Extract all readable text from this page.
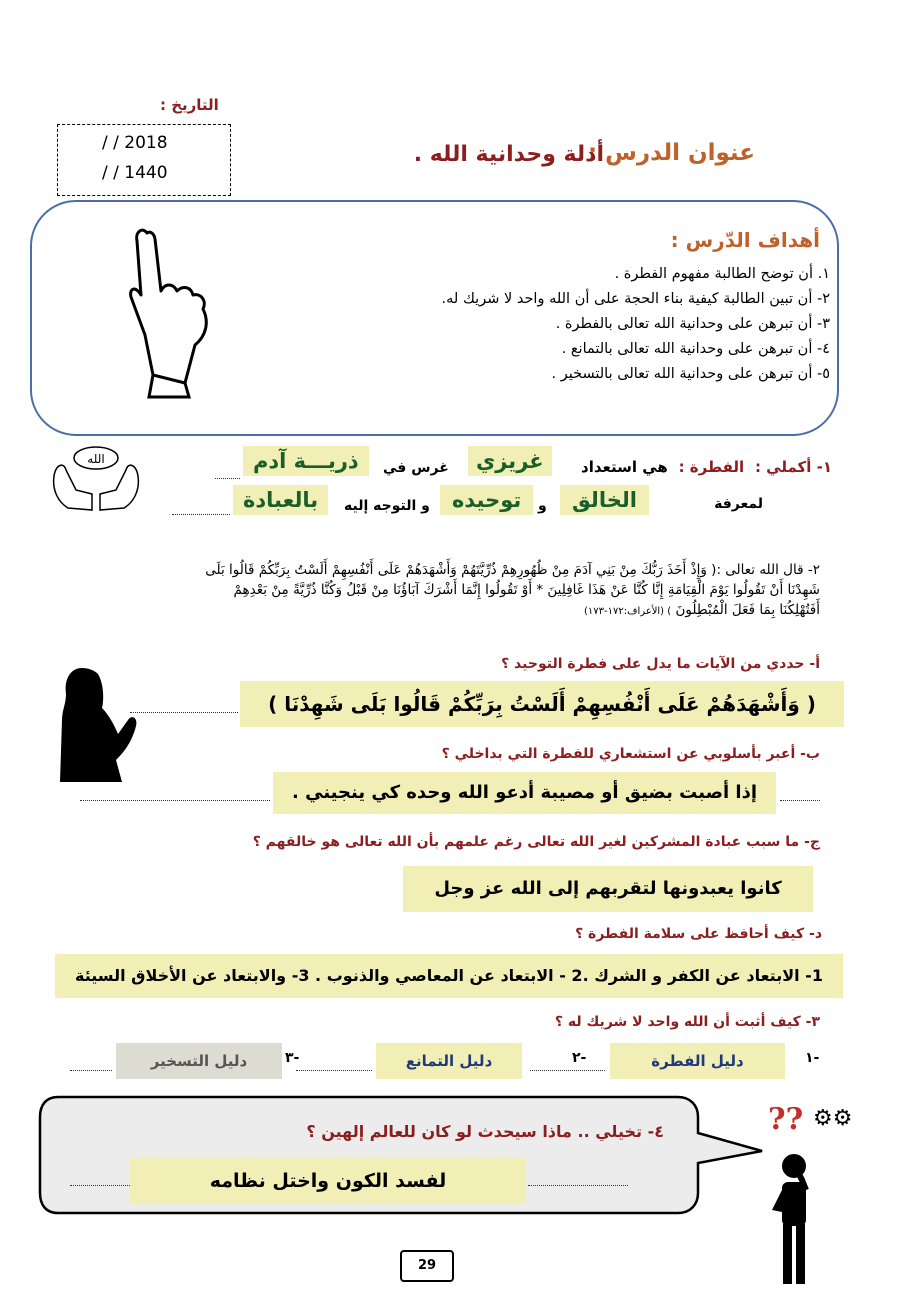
التاريخ :
/ / 2018
/ / 1440
عنوان الدرس :
أدلة وحدانية الله .
أهداف الدّرس :
١. أن توضح الطالبة مفهوم الفطرة .
٢- أن تبين الطالبة كيفية بناء الحجة على أن الله واحد لا شريك له.
٣- أن تبرهن على وحدانية الله تعالى بالفطرة .
٤- أن تبرهن على وحدانية الله تعالى بالتمانع .
٥- أن تبرهن على وحدانية الله تعالى بالتسخير .
الله	١- أكملي : الفطرة : هي استعداد
غريزي
غرس في
ذريـــة آدم
لمعرفة
الخالق
و
توحيده
و التوجه إليه
بالعبادة
٢- قال الله تعالى :( وَإِذْ أَخَذَ رَبُّكَ مِنْ بَنِي آدَمَ مِنْ ظُهُورِهِمْ ذُرِّيَّتَهُمْ وَأَشْهَدَهُمْ عَلَى أَنْفُسِهِمْ أَلَسْتُ بِرَبِّكُمْ قَالُوا بَلَى
شَهِدْنَا أَنْ تَقُولُوا يَوْمَ الْقِيَامَةِ إِنَّا كُنَّا عَنْ هَذَا غَافِلِينَ * أَوْ تَقُولُوا إِنَّمَا أَشْرَكَ آبَاؤُنَا مِنْ قَبْلُ وَكُنَّا ذُرِّيَّةً مِنْ بَعْدِهِمْ
أَفَتُهْلِكُنَا بِمَا فَعَلَ الْمُبْطِلُونَ ) (الأعراف:١٧٢-١٧٣)
أ- حددي من الآيات ما يدل على فطرة التوحيد ؟
( وَأَشْهَدَهُمْ عَلَى أَنْفُسِهِمْ أَلَسْتُ بِرَبِّكُمْ قَالُوا بَلَى شَهِدْنَا )
ب- أعبر بأسلوبي عن استشعاري للفطرة التي بداخلي ؟
إذا أصبت بضيق أو مصيبة أدعو الله وحده كي ينجيني .
ج- ما سبب عبادة المشركين لغير الله تعالى رغم علمهم بأن الله تعالى هو خالقهم ؟
كانوا يعبدونها لتقربهم إلى الله عز وجل
د- كيف أحافظ على سلامة الفطرة ؟
1- الابتعاد عن الكفر و الشرك .2 - الابتعاد عن المعاصي والذنوب . 3- والابتعاد عن الأخلاق السيئة
٣- كيف أثبت أن الله واحد لا شريك له ؟
١-
دليل الفطرة
٢-
دليل التمانع
٣-
دليل التسخير
٤- تخيلي .. ماذا سيحدث لو كان للعالم إلهين ؟
لفسد الكون واختل نظامه
?? ⚙⚙
29
